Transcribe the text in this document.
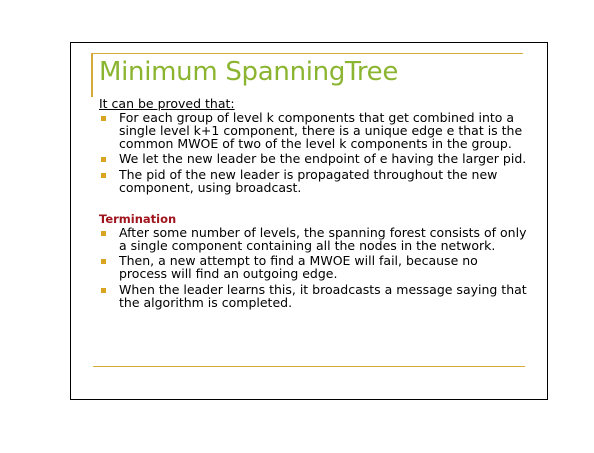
Minimum SpanningTree
It can be proved that:
For each group of level k components that get combined into a single level k+1 component, there is a unique edge e that is the common MWOE of two of the level k components in the group.
We let the new leader be the endpoint of e having the larger pid.
The pid of the new leader is propagated throughout the new component, using broadcast.
Termination
After some number of levels, the spanning forest consists of only a single component containing all the nodes in the network.
Then, a new attempt to find a MWOE will fail, because no process will find an outgoing edge.
When the leader learns this, it broadcasts a message saying that the algorithm is completed.
